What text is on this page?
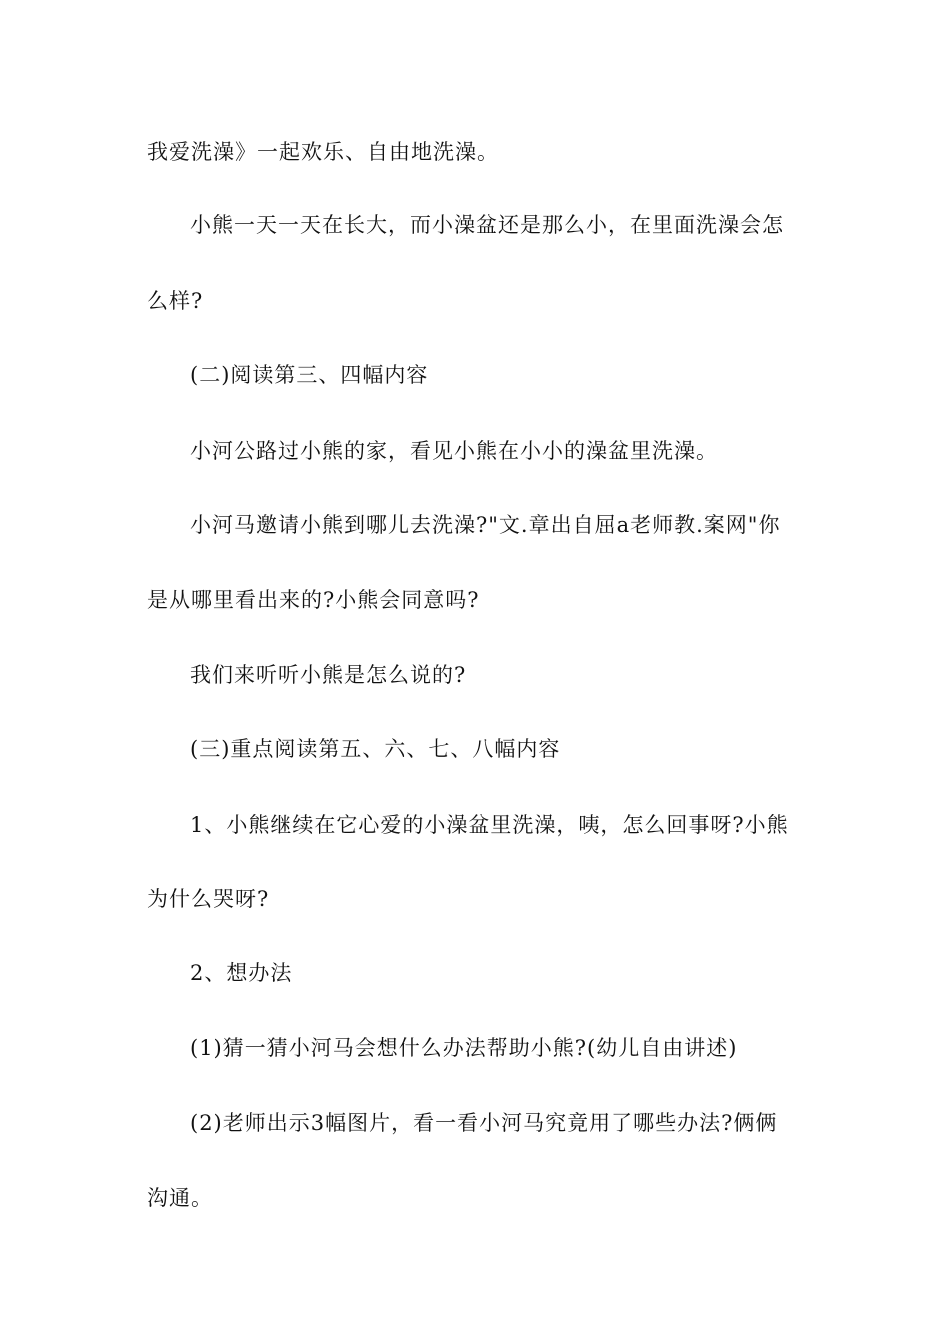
我爱洗澡》一起欢乐、自由地洗澡。
小熊一天一天在长大，而小澡盆还是那么小，在里面洗澡会怎
么样?
(二)阅读第三、四幅内容
小河公路过小熊的家，看见小熊在小小的澡盆里洗澡。
小河马邀请小熊到哪儿去洗澡?"文.章出自屈a老师教.案网"你
是从哪里看出来的?小熊会同意吗?
我们来听听小熊是怎么说的?
(三)重点阅读第五、六、七、八幅内容
1、小熊继续在它心爱的小澡盆里洗澡，咦，怎么回事呀?小熊
为什么哭呀?
2、想办法
(1)猜一猜小河马会想什么办法帮助小熊?(幼儿自由讲述)
(2)老师出示3幅图片，看一看小河马究竟用了哪些办法?俩俩
沟通。
